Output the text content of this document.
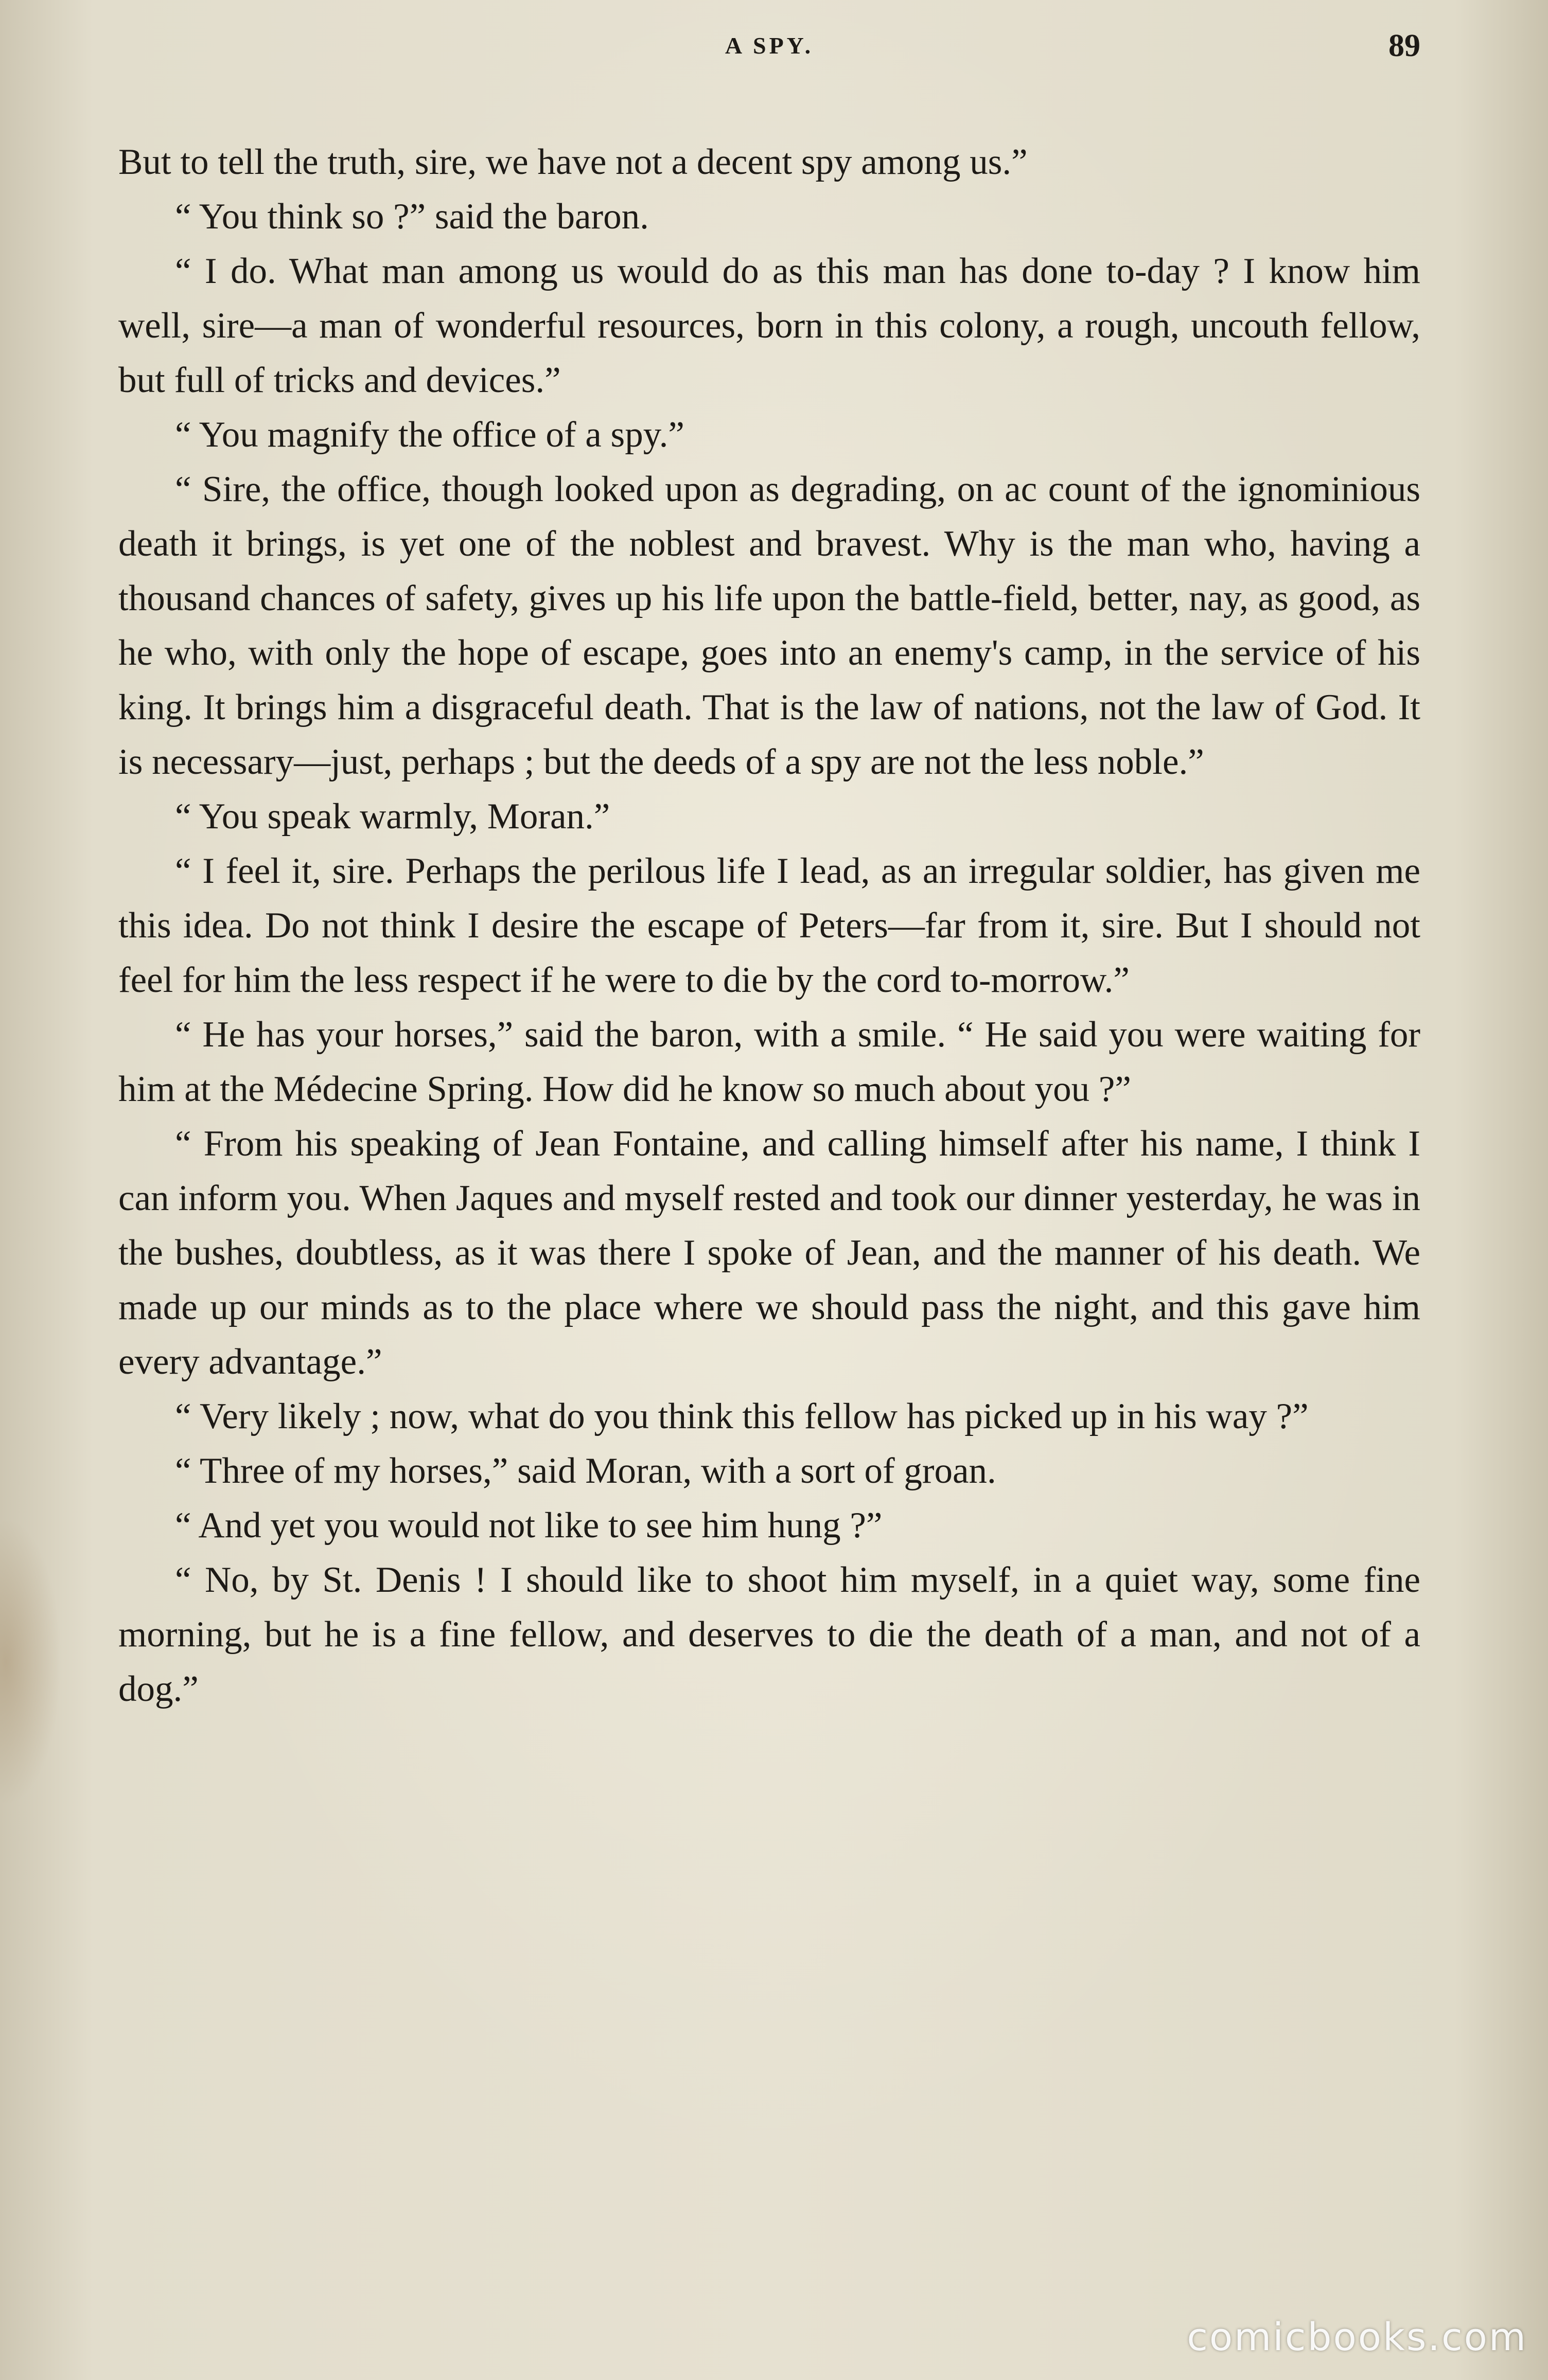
A SPY.	89

But to tell the truth, sire, we have not a decent spy among us.”

“ You think so ?” said the baron.

“ I do. What man among us would do as this man has done to-day ? I know him well, sire—a man of wonderful resources, born in this colony, a rough, uncouth fellow, but full of tricks and devices.”

“ You magnify the office of a spy.”

“ Sire, the office, though looked upon as degrading, on ac count of the ignominious death it brings, is yet one of the noblest and bravest. Why is the man who, having a thousand chances of safety, gives up his life upon the battle-field, better, nay, as good, as he who, with only the hope of escape, goes into an enemy's camp, in the service of his king. It brings him a disgraceful death. That is the law of nations, not the law of God. It is necessary—just, perhaps ; but the deeds of a spy are not the less noble.”

“ You speak warmly, Moran.”

“ I feel it, sire. Perhaps the perilous life I lead, as an irregular soldier, has given me this idea. Do not think I desire the escape of Peters—far from it, sire. But I should not feel for him the less respect if he were to die by the cord to-morrow.”

“ He has your horses,” said the baron, with a smile. “ He said you were waiting for him at the Médecine Spring. How did he know so much about you ?”

“ From his speaking of Jean Fontaine, and calling himself after his name, I think I can inform you. When Jaques and myself rested and took our dinner yesterday, he was in the bushes, doubtless, as it was there I spoke of Jean, and the manner of his death. We made up our minds as to the place where we should pass the night, and this gave him every advantage.”

“ Very likely ; now, what do you think this fellow has picked up in his way ?”

“ Three of my horses,” said Moran, with a sort of groan.

“ And yet you would not like to see him hung ?”

“ No, by St. Denis ! I should like to shoot him myself, in a quiet way, some fine morning, but he is a fine fellow, and deserves to die the death of a man, and not of a dog.”

comicbooks.com
